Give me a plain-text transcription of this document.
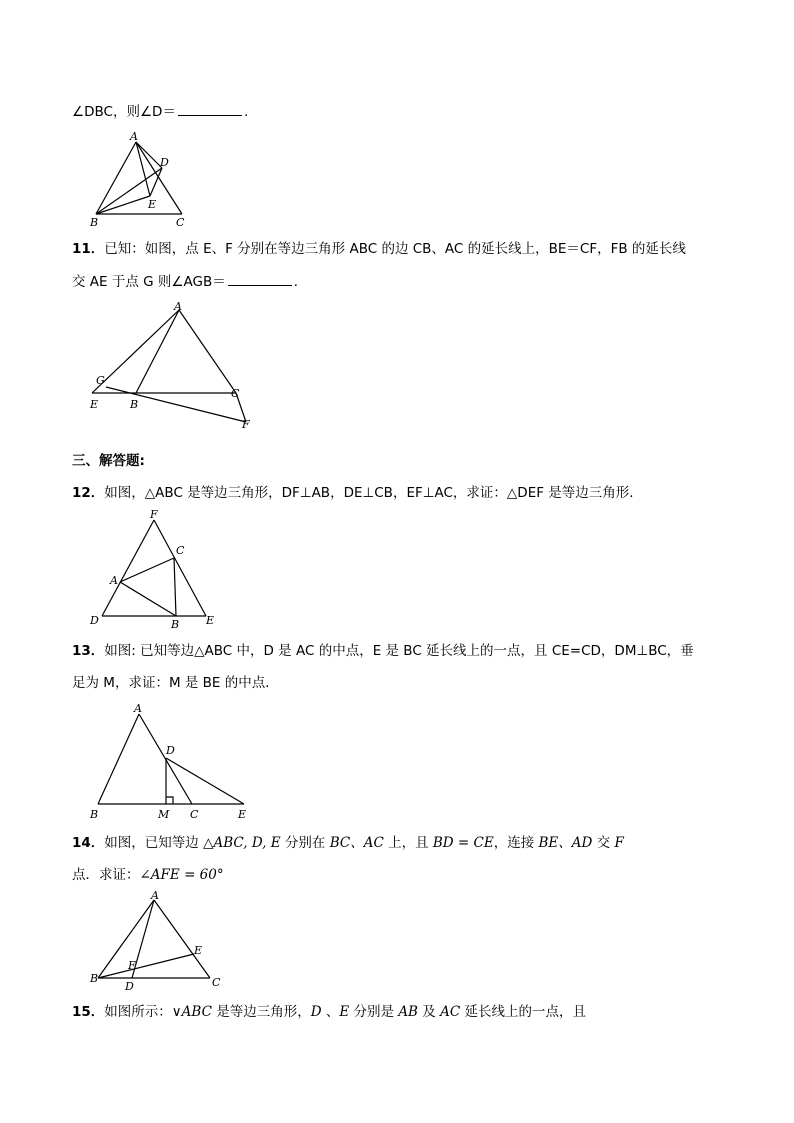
∠DBC，则∠D＝	.
A
D
E
B	C
11．已知：如图，点 E、F 分别在等边三角形 ABC 的边 CB、AC 的延长线上，BE＝CF，FB 的延长线
交 AE 于点 G 则∠AGB＝	．
A
G
E	B
C
F
三、解答题:
12．如图，△ABC 是等边三角形，DF⊥AB，DE⊥CB，EF⊥AC，求证：△DEF 是等边三角形．
F
C
A
D	B E
13．如图: 已知等边△ABC 中，D 是 AC 的中点，E 是 BC 延长线上的一点，且 CE=CD，DM⊥BC，垂
足为 M，求证：M 是 BE 的中点．
A
D
B	M C	E
14．如图，已知等边 △ABC, D, E 分别在 BC、AC 上，且 BD = CE，连接 BE、AD 交 F
点．求证：∠AFE = 60°
A
E
F
B
D	C
15．如图所示：∨ABC 是等边三角形，D 、E 分别是 AB 及 AC 延长线上的一点，且
